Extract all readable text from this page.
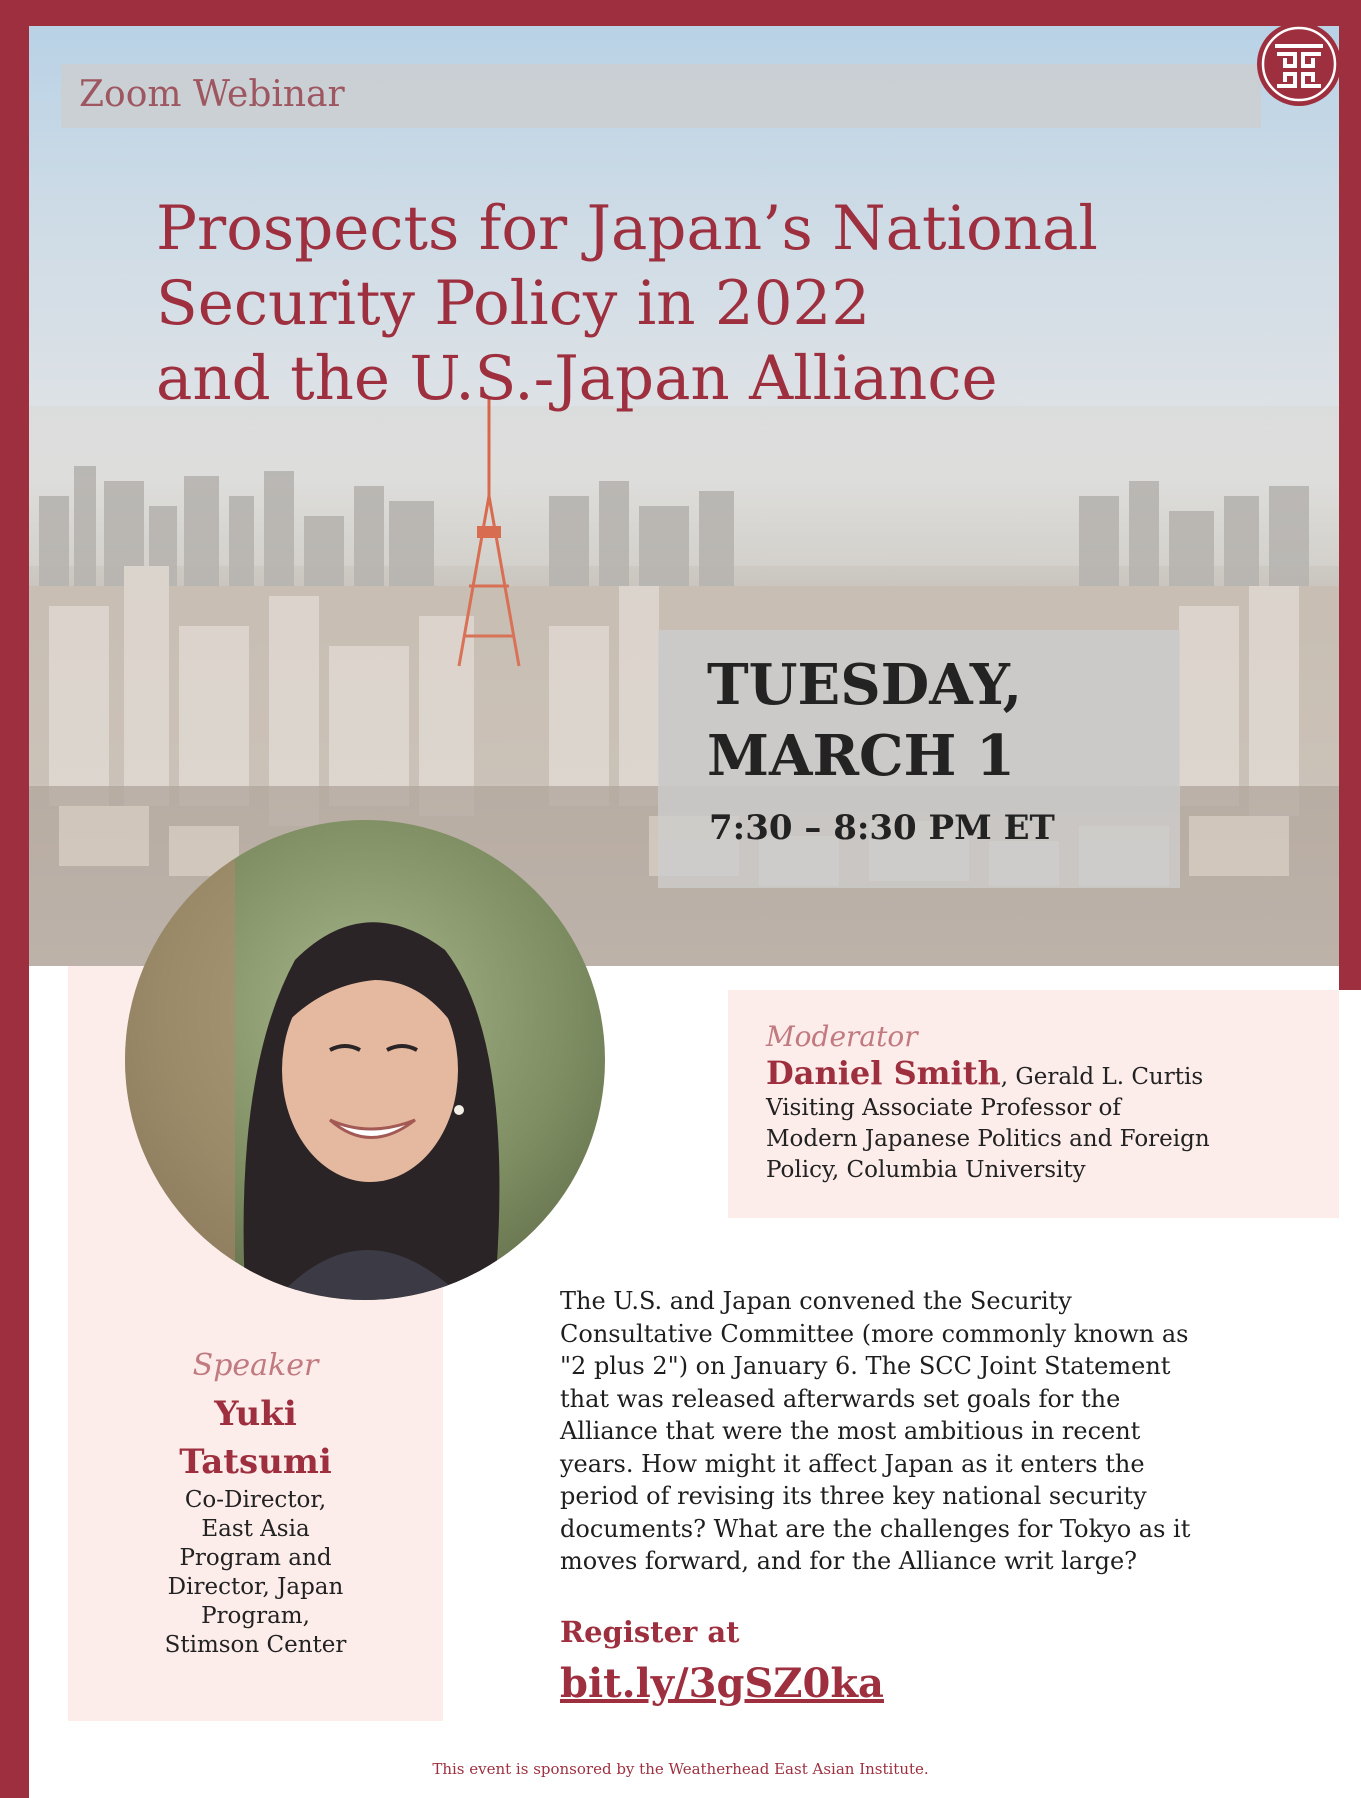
Zoom Webinar
Prospects for Japan’s National
Security Policy in 2022
and the U.S.-Japan Alliance
TUESDAY,
MARCH 1
7:30 – 8:30 PM ET
Speaker
Yuki
Tatsumi
Co-Director,
East Asia
Program and
Director, Japan
Program,
Stimson Center
Moderator
Daniel Smith, Gerald L. Curtis
Visiting Associate Professor of
Modern Japanese Politics and Foreign
Policy, Columbia University
The U.S. and Japan convened the Security
Consultative Committee (more commonly known as
"2 plus 2") on January 6. The SCC Joint Statement
that was released afterwards set goals for the
Alliance that were the most ambitious in recent
years. How might it affect Japan as it enters the
period of revising its three key national security
documents? What are the challenges for Tokyo as it
moves forward, and for the Alliance writ large?
Register at
bit.ly/3gSZ0ka
This event is sponsored by the Weatherhead East Asian Institute.
